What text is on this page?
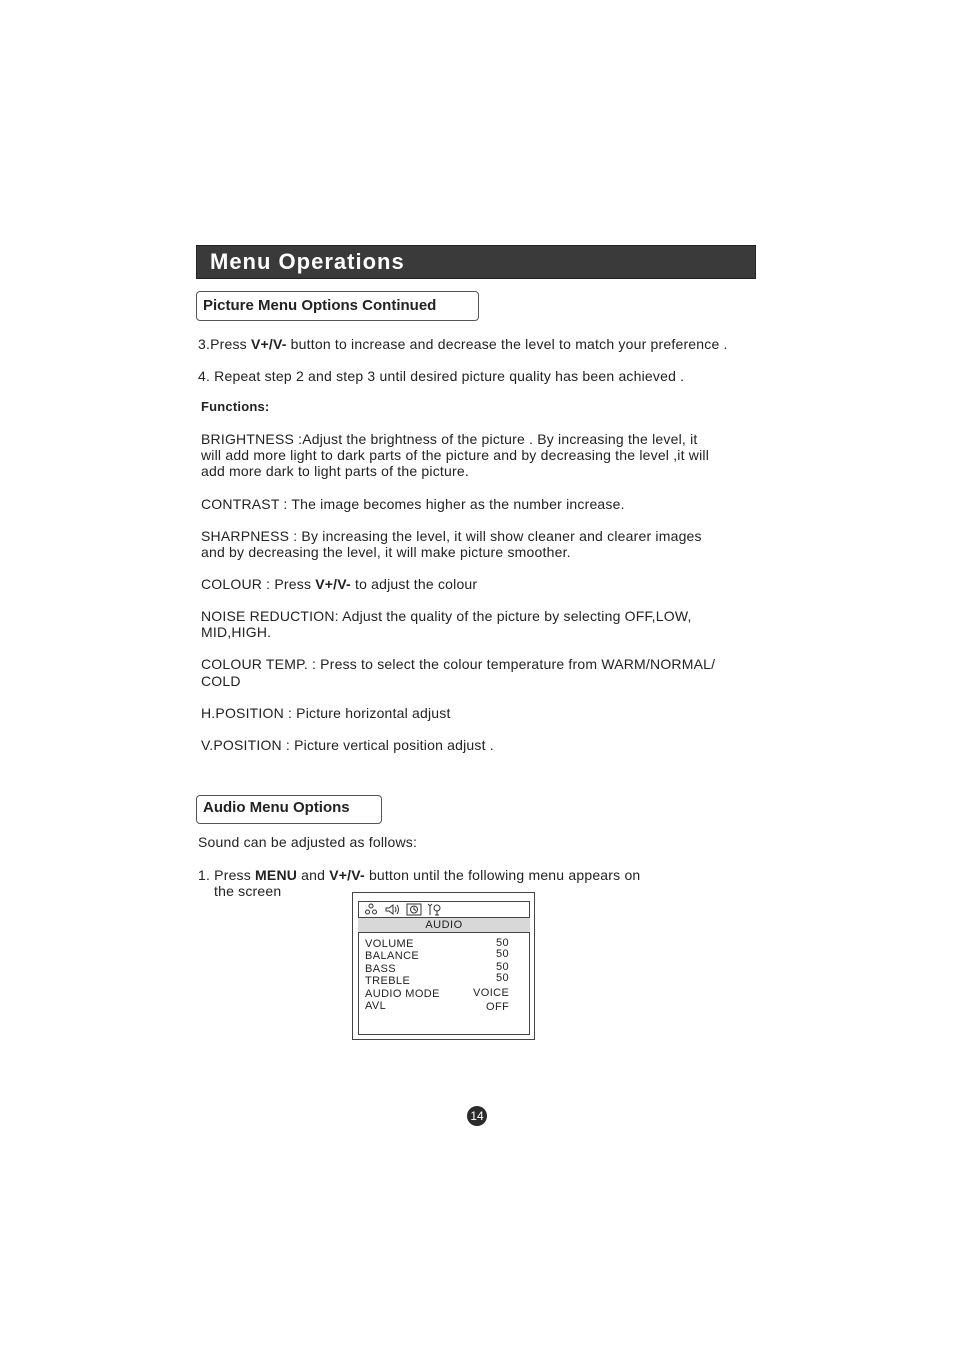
Menu Operations
Picture Menu Options Continued
3.Press V+/V- button to increase and decrease the level to match your preference .
4. Repeat step 2 and step 3 until desired picture quality has been achieved .
Functions:
BRIGHTNESS :Adjust the brightness of the picture . By increasing the level, it
will add more light to dark parts of the picture and by decreasing the level ,it will
add more dark to light parts of the picture.
CONTRAST : The image becomes higher as the number increase.
SHARPNESS : By increasing the level, it will show cleaner and clearer images
and by decreasing the level, it will make picture smoother.
COLOUR : Press V+/V- to adjust the colour
NOISE REDUCTION: Adjust the quality of the picture by selecting OFF,LOW,
MID,HIGH.
COLOUR TEMP. : Press to select the colour temperature from WARM/NORMAL/
COLD
H.POSITION : Picture horizontal adjust
V.POSITION : Picture vertical position adjust .
Audio Menu Options
Sound can be adjusted as follows:
1. Press MENU and V+/V- button until the following menu appears on
the screen
AUDIO
VOLUME	50
BALANCE	50
BASS	50
TREBLE	50
AUDIO MODE	VOICE
AVL	OFF
14
